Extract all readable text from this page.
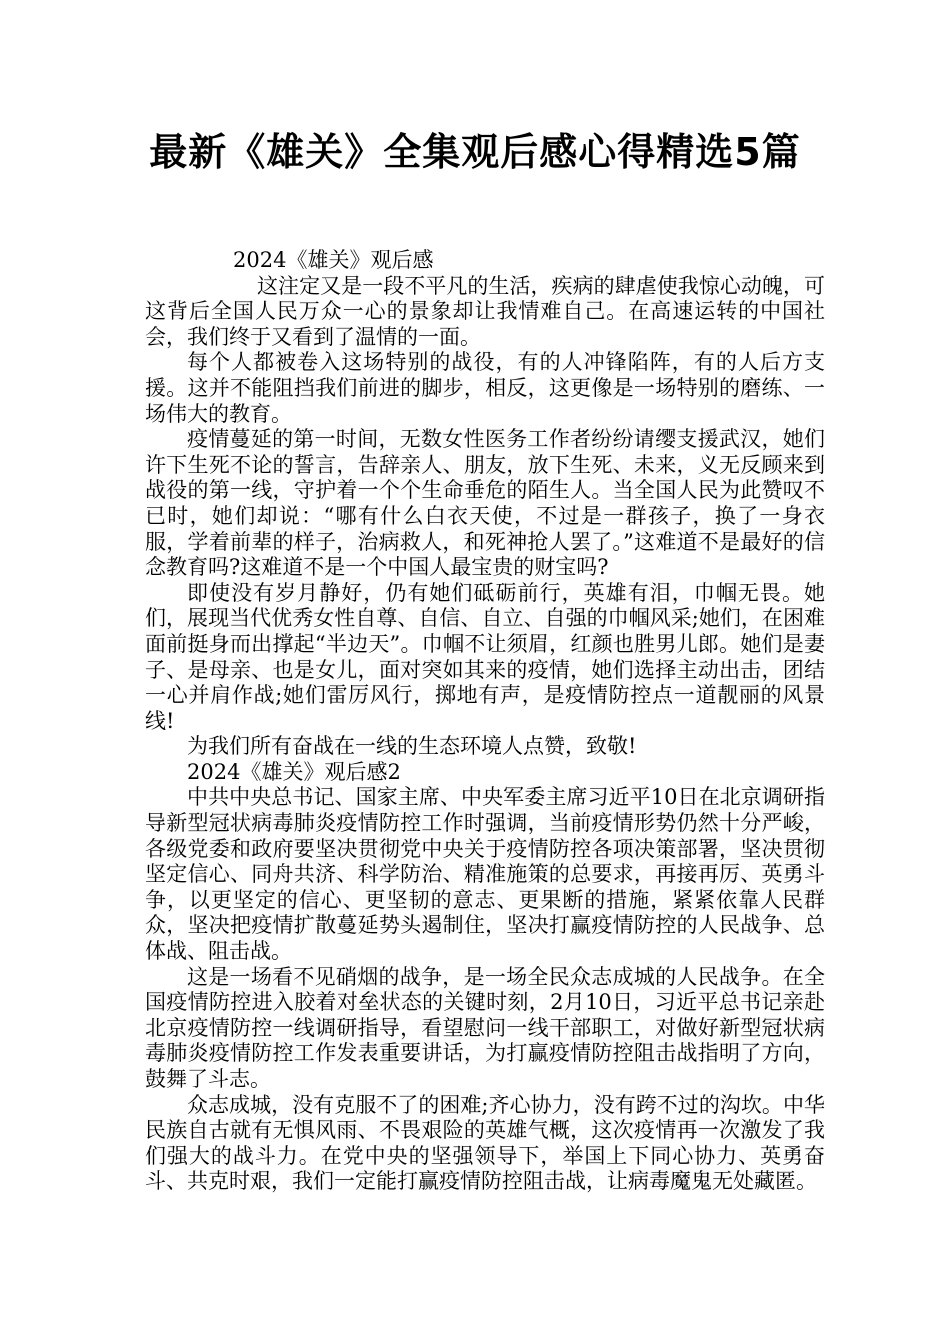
最新《雄关》全集观后感心得精选5篇

2024《雄关》观后感

这注定又是一段不平凡的生活，疾病的肆虐使我惊心动魄，可这背后全国人民万众一心的景象却让我情难自己。在高速运转的中国社会，我们终于又看到了温情的一面。

每个人都被卷入这场特别的战役，有的人冲锋陷阵，有的人后方支援。这并不能阻挡我们前进的脚步，相反，这更像是一场特别的磨练、一场伟大的教育。

疫情蔓延的第一时间，无数女性医务工作者纷纷请缨支援武汉，她们许下生死不论的誓言，告辞亲人、朋友，放下生死、未来，义无反顾来到战役的第一线，守护着一个个生命垂危的陌生人。当全国人民为此赞叹不已时，她们却说：“哪有什么白衣天使，不过是一群孩子，换了一身衣服，学着前辈的样子，治病救人，和死神抢人罢了。”这难道不是最好的信念教育吗?这难道不是一个中国人最宝贵的财宝吗?

即使没有岁月静好，仍有她们砥砺前行，英雄有泪，巾帼无畏。她们，展现当代优秀女性自尊、自信、自立、自强的巾帼风采;她们，在困难面前挺身而出撑起“半边天”。巾帼不让须眉，红颜也胜男儿郎。她们是妻子、是母亲、也是女儿，面对突如其来的疫情，她们选择主动出击，团结一心并肩作战;她们雷厉风行，掷地有声，是疫情防控点一道靓丽的风景线!

为我们所有奋战在一线的生态环境人点赞，致敬!

2024《雄关》观后感2

中共中央总书记、国家主席、中央军委主席习近平10日在北京调研指导新型冠状病毒肺炎疫情防控工作时强调，当前疫情形势仍然十分严峻，各级党委和政府要坚决贯彻党中央关于疫情防控各项决策部署，坚决贯彻坚定信心、同舟共济、科学防治、精准施策的总要求，再接再厉、英勇斗争，以更坚定的信心、更坚韧的意志、更果断的措施，紧紧依靠人民群众，坚决把疫情扩散蔓延势头遏制住，坚决打赢疫情防控的人民战争、总体战、阻击战。

这是一场看不见硝烟的战争，是一场全民众志成城的人民战争。在全国疫情防控进入胶着对垒状态的关键时刻，2月10日，习近平总书记亲赴北京疫情防控一线调研指导，看望慰问一线干部职工，对做好新型冠状病毒肺炎疫情防控工作发表重要讲话，为打赢疫情防控阻击战指明了方向，鼓舞了斗志。

众志成城，没有克服不了的困难;齐心协力，没有跨不过的沟坎。中华民族自古就有无惧风雨、不畏艰险的英雄气概，这次疫情再一次激发了我们强大的战斗力。在党中央的坚强领导下，举国上下同心协力、英勇奋斗、共克时艰，我们一定能打赢疫情防控阻击战，让病毒魔鬼无处藏匿。
